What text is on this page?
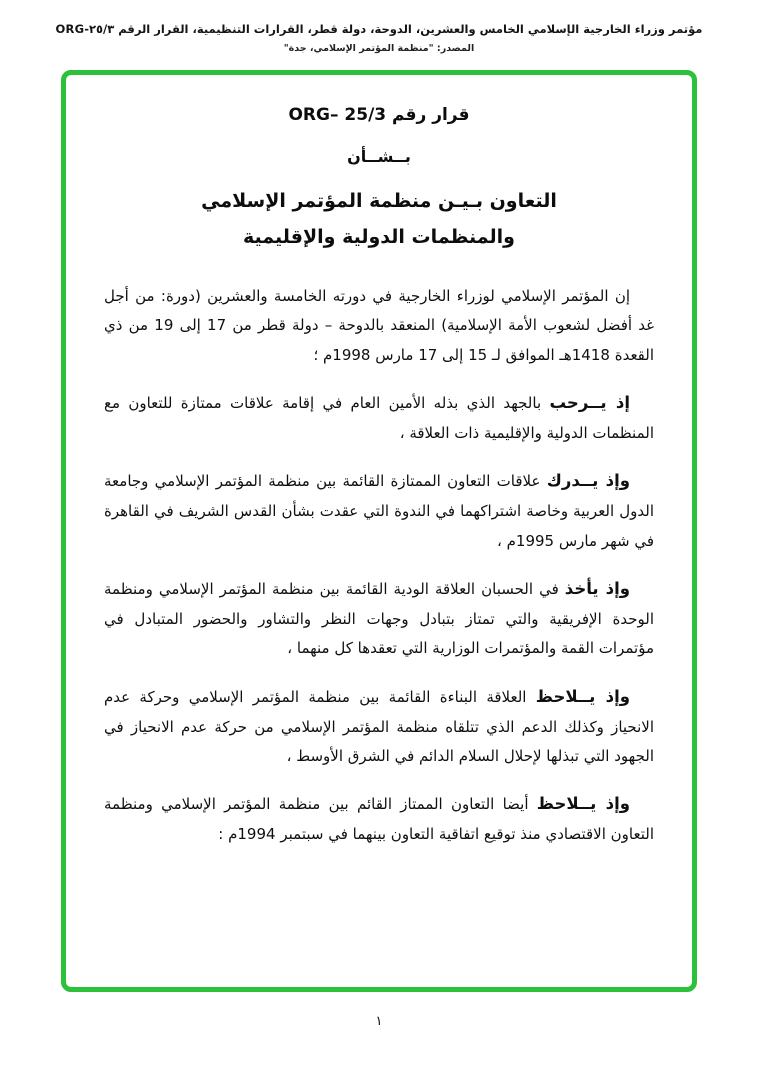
مؤتمر وزراء الخارجية الإسلامي الخامس والعشرين، الدوحة، دولة قطر، القرارات التنظيمية، القرار الرقم ٢٥/٣-ORG
المصدر: "منظمة المؤتمر الإسلامي، جدة"
قرار رقم 25/3 –ORG
بــشــأن
التعاون بـيـن منظمة المؤتمر الإسلامي
والمنظمات الدولية والإقليمية

إن المؤتمر الإسلامي لوزراء الخارجية في دورته الخامسة والعشرين (دورة: من أجل غد أفضل لشعوب الأمة الإسلامية) المنعقد بالدوحة – دولة قطر من 17 إلى 19 من ذي القعدة 1418هـ الموافق لـ 15 إلى 17 مارس 1998م ؛

إذ يــرحب بالجهد الذي بذله الأمين العام في إقامة علاقات ممتازة للتعاون مع المنظمات الدولية والإقليمية ذات العلاقة ،

وإذ يــدرك علاقات التعاون الممتازة القائمة بين منظمة المؤتمر الإسلامي وجامعة الدول العربية وخاصة اشتراكهما في الندوة التي عقدت بشأن القدس الشريف في القاهرة في شهر مارس 1995م ،

وإذ يأخذ في الحسبان العلاقة الودية القائمة بين منظمة المؤتمر الإسلامي ومنظمة الوحدة الإفريقية والتي تمتاز بتبادل وجهات النظر والتشاور والحضور المتبادل في مؤتمرات القمة والمؤتمرات الوزارية التي تعقدها كل منهما ،

وإذ يــلاحظ العلاقة البناءة القائمة بين منظمة المؤتمر الإسلامي وحركة عدم الانحياز وكذلك الدعم الذي تتلقاه منظمة المؤتمر الإسلامي من حركة عدم الانحياز في الجهود التي تبذلها لإحلال السلام الدائم في الشرق الأوسط ،

وإذ يــلاحظ أيضا التعاون الممتاز القائم بين منظمة المؤتمر الإسلامي ومنظمة التعاون الاقتصادي منذ توقيع اتفاقية التعاون بينهما في سبتمبر 1994م :

١
